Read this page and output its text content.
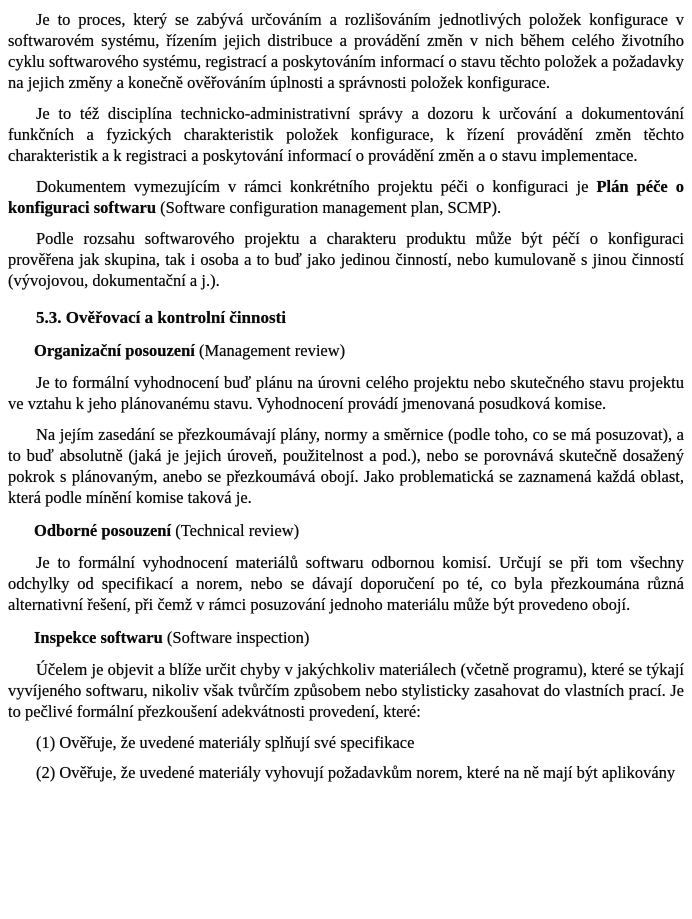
Je to proces, který se zabývá určováním a rozlišováním jednotlivých položek konfigurace v softwarovém systému, řízením jejich distribuce a provádění změn v nich během celého životního cyklu softwarového systému, registrací a poskytováním informací o stavu těchto položek a požadavky na jejich změny a konečně ověřováním úplnosti a správnosti položek konfigurace.

Je to též disciplína technicko-administrativní správy a dozoru k určování a dokumentování funkčních a fyzických charakteristik položek konfigurace, k řízení provádění změn těchto charakteristik a k registraci a poskytování informací o provádění změn a o stavu implementace.

Dokumentem vymezujícím v rámci konkrétního projektu péči o konfiguraci je Plán péče o konfiguraci softwaru (Software configuration management plan, SCMP).

Podle rozsahu softwarového projektu a charakteru produktu může být péčí o konfiguraci prověřena jak skupina, tak i osoba a to buď jako jedinou činností, nebo kumulovaně s jinou činností (vývojovou, dokumentační a j.).

5.3. Ověřovací a kontrolní činnosti

Organizační posouzení (Management review)

Je to formální vyhodnocení buď plánu na úrovni celého projektu nebo skutečného stavu projektu ve vztahu k jeho plánovanému stavu. Vyhodnocení provádí jmenovaná posudková komise.

Na jejím zasedání se přezkoumávají plány, normy a směrnice (podle toho, co se má posuzovat), a to buď absolutně (jaká je jejich úroveň, použitelnost a pod.), nebo se porovnává skutečně dosažený pokrok s plánovaným, anebo se přezkoumává obojí. Jako problematická se zaznamená každá oblast, která podle mínění komise taková je.

Odborné posouzení (Technical review)

Je to formální vyhodnocení materiálů softwaru odbornou komisí. Určují se při tom všechny odchylky od specifikací a norem, nebo se dávají doporučení po té, co byla přezkoumána různá alternativní řešení, při čemž v rámci posuzování jednoho materiálu může být provedeno obojí.

Inspekce softwaru (Software inspection)

Účelem je objevit a blíže určit chyby v jakýchkoliv materiálech (včetně programu), které se týkají vyvíjeného softwaru, nikoliv však tvůrčím způsobem nebo stylisticky zasahovat do vlastních prací. Je to pečlivé formální přezkoušení adekvátnosti provedení, které:

(1) Ověřuje, že uvedené materiály splňují své specifikace

(2) Ověřuje, že uvedené materiály vyhovují požadavkům norem, které na ně mají být aplikovány
